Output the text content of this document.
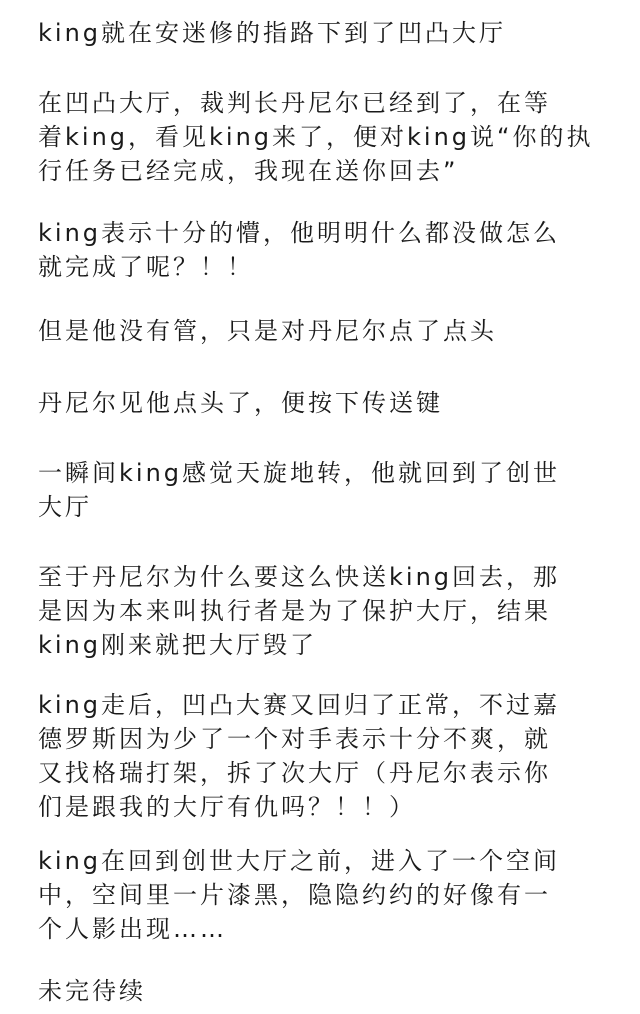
king就在安迷修的指路下到了凹凸大厅

在凹凸大厅，裁判长丹尼尔已经到了，在等
着king，看见king来了，便对king说“你的执
行任务已经完成，我现在送你回去”

king表示十分的懵，他明明什么都没做怎么
就完成了呢？！！

但是他没有管，只是对丹尼尔点了点头

丹尼尔见他点头了，便按下传送键

一瞬间king感觉天旋地转，他就回到了创世
大厅

至于丹尼尔为什么要这么快送king回去，那
是因为本来叫执行者是为了保护大厅，结果
king刚来就把大厅毁了

king走后，凹凸大赛又回归了正常，不过嘉
德罗斯因为少了一个对手表示十分不爽，就
又找格瑞打架，拆了次大厅（丹尼尔表示你
们是跟我的大厅有仇吗？！！）

king在回到创世大厅之前，进入了一个空间
中，空间里一片漆黑，隐隐约约的好像有一
个人影出现……

未完待续
